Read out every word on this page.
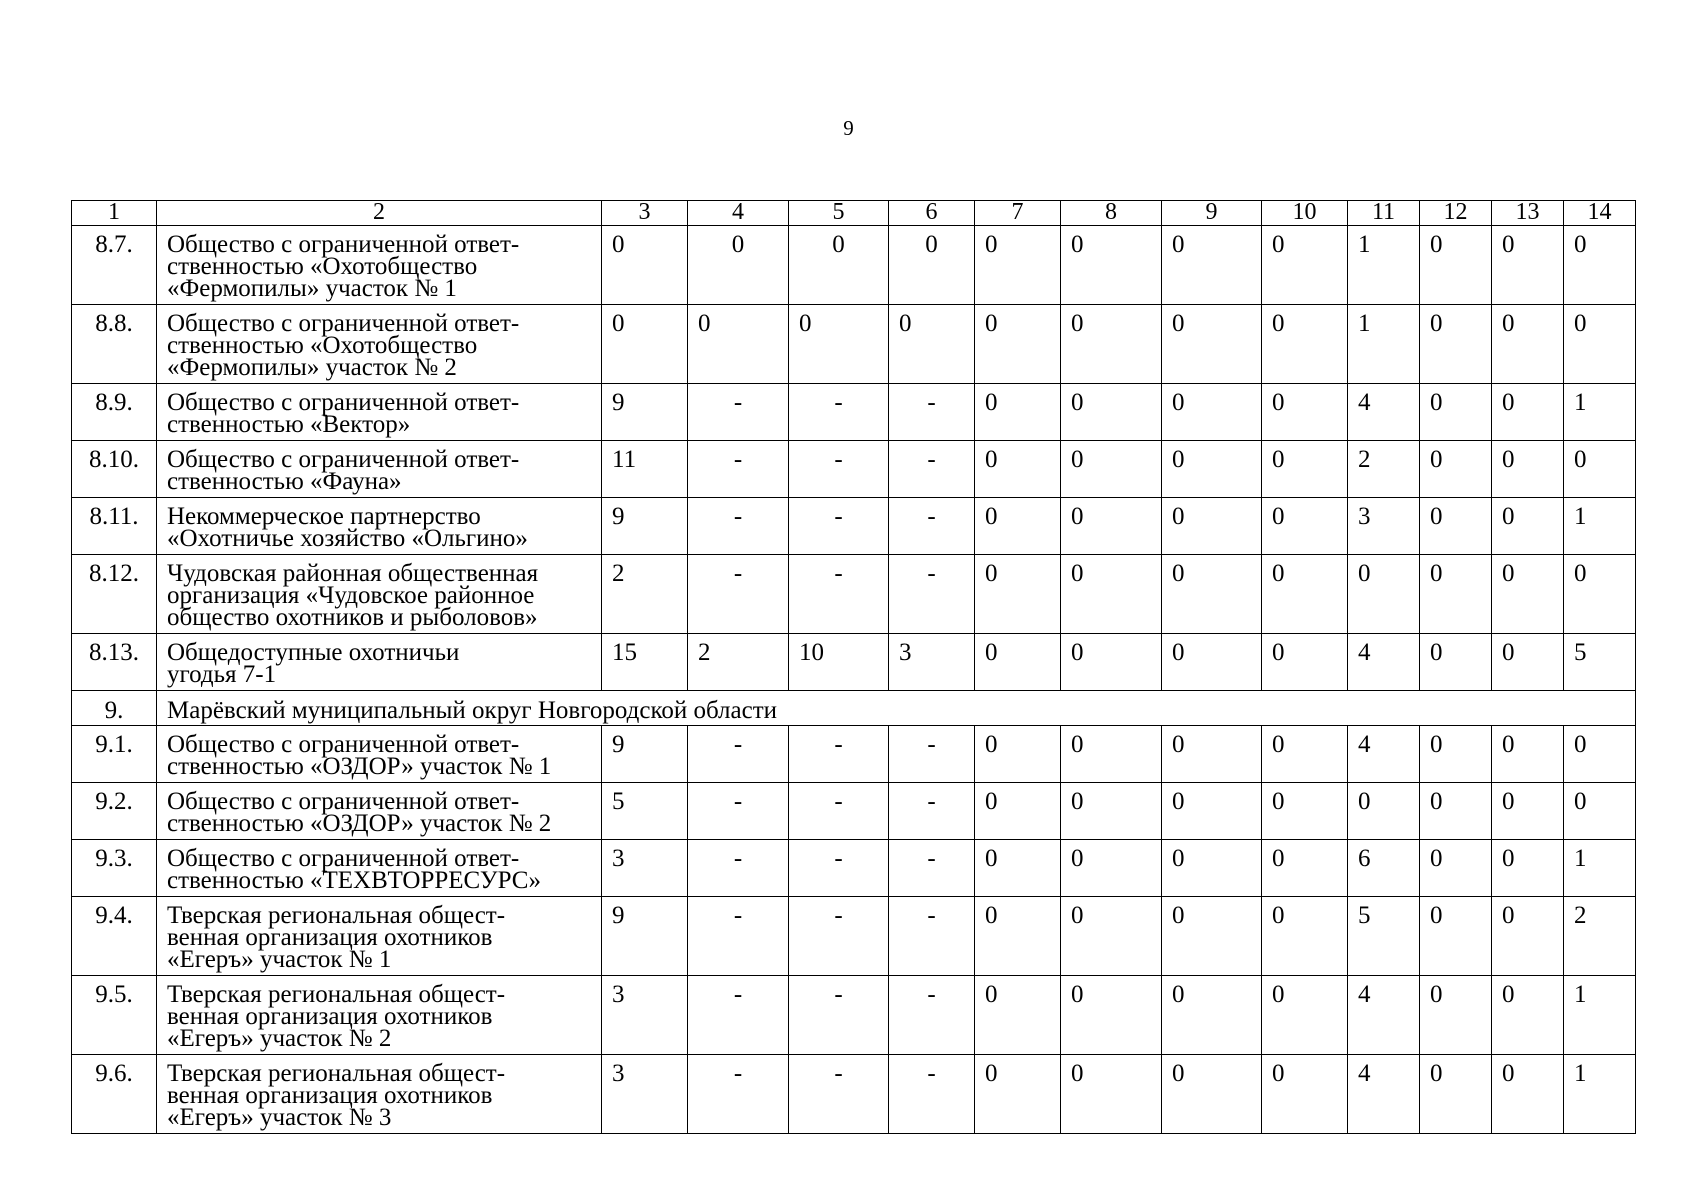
9
1	2	3	4	5	6	7	8	9	10	11	12	13	14

8.7.	Общество с ограниченной ответ-
ственностью «Охотобщество
«Фермопилы» участок № 1	0	0	0	0	0	0	0	0	1	0	0	0

8.8.	Общество с ограниченной ответ-
ственностью «Охотобщество
«Фермопилы» участок № 2	0	0	0	0	0	0	0	0	1	0	0	0

8.9.	Общество с ограниченной ответ-
ственностью «Вектор»	9	-	-	-	0	0	0	0	4	0	0	1

8.10.	Общество с ограниченной ответ-
ственностью «Фауна»	11	-	-	-	0	0	0	0	2	0	0	0

8.11.	Некоммерческое партнерство
«Охотничье хозяйство «Ольгино»	9	-	-	-	0	0	0	0	3	0	0	1

8.12.	Чудовская районная общественная
организация «Чудовское районное
общество охотников и рыболовов»	2	-	-	-	0	0	0	0	0	0	0	0

8.13.	Общедоступные охотничьи
угодья 7-1	15	2	10	3	0	0	0	0	4	0	0	5

9.	Марёвский муниципальный округ Новгородской области												

9.1.	Общество с ограниченной ответ-
ственностью «ОЗДОР» участок № 1	9	-	-	-	0	0	0	0	4	0	0	0

9.2.	Общество с ограниченной ответ-
ственностью «ОЗДОР» участок № 2	5	-	-	-	0	0	0	0	0	0	0	0

9.3.	Общество с ограниченной ответ-
ственностью «ТЕХВТОРРЕСУРС»	3	-	-	-	0	0	0	0	6	0	0	1

9.4.	Тверская региональная общест-
венная организация охотников
«Егеръ» участок № 1	9	-	-	-	0	0	0	0	5	0	0	2

9.5.	Тверская региональная общест-
венная организация охотников
«Егеръ» участок № 2	3	-	-	-	0	0	0	0	4	0	0	1

9.6.	Тверская региональная общест-
венная организация охотников
«Егеръ» участок № 3	3	-	-	-	0	0	0	0	4	0	0	1
